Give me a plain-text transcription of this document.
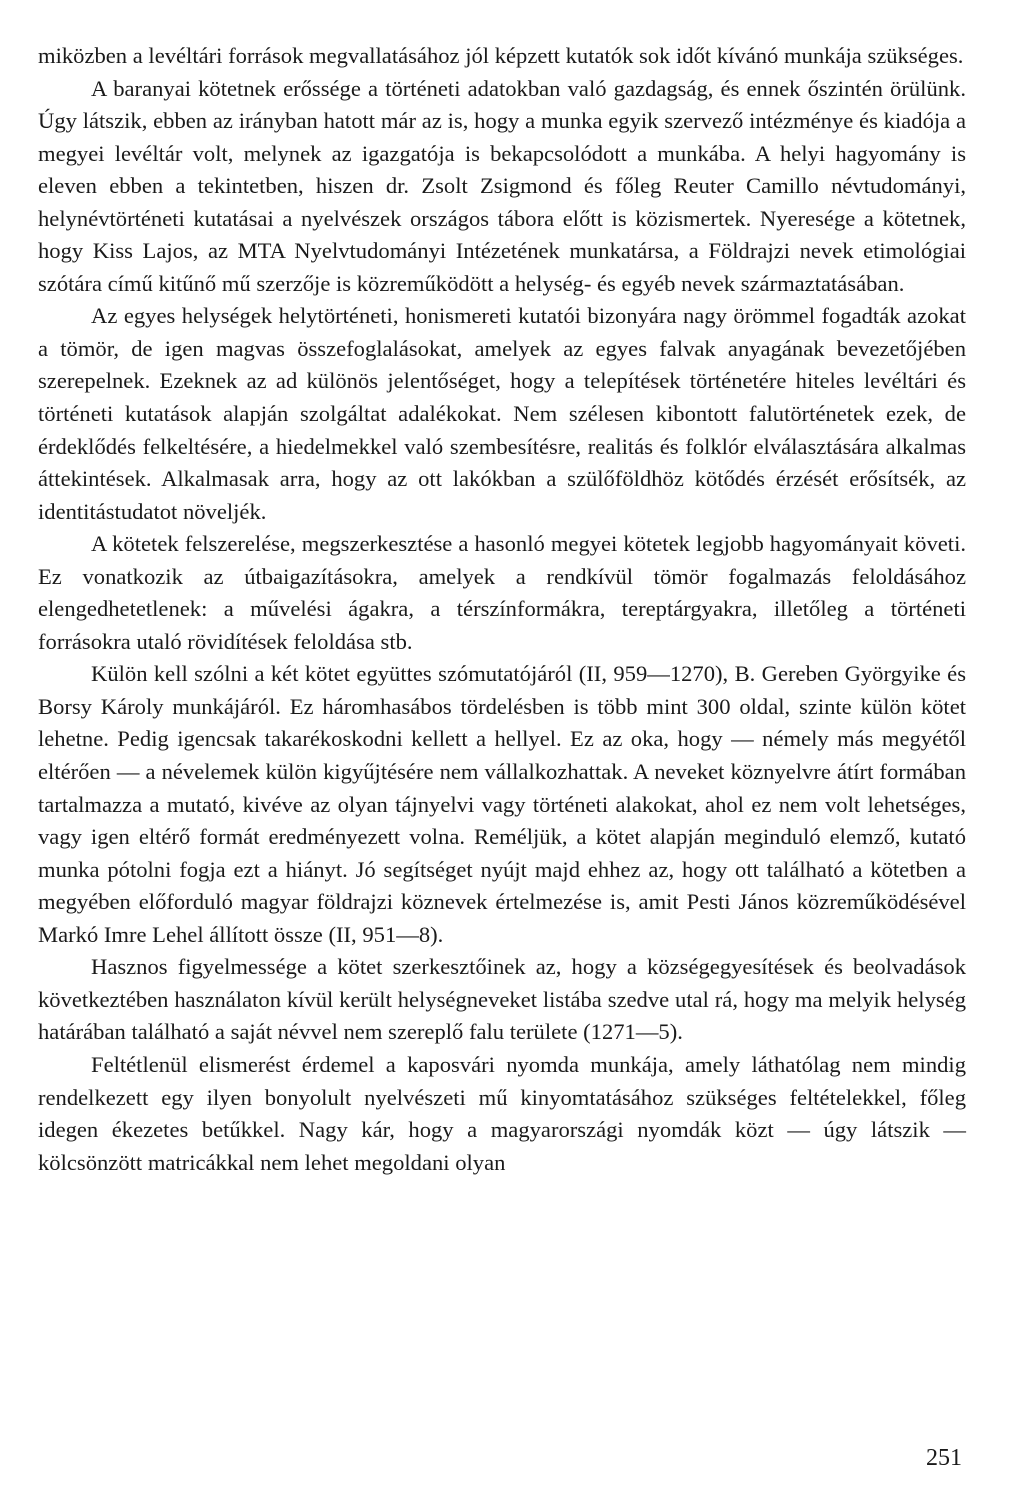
miközben a levéltári források megvallatásához jól képzett kutatók sok időt kívánó munkája szükséges.

A baranyai kötetnek erőssége a történeti adatokban való gazdagság, és ennek őszintén örülünk. Úgy látszik, ebben az irányban hatott már az is, hogy a munka egyik szervező intézménye és kiadója a megyei levéltár volt, melynek az igazgatója is bekapcsolódott a munkába. A helyi hagyomány is eleven ebben a tekintetben, hiszen dr. Zsolt Zsigmond és főleg Reuter Camillo névtudományi, helynévtörténeti kutatásai a nyelvészek országos tábora előtt is közismertek. Nyeresége a kötetnek, hogy Kiss Lajos, az MTA Nyelvtudományi Intézetének munkatársa, a Földrajzi nevek etimológiai szótára című kitűnő mű szerzője is közreműködött a helység- és egyéb nevek származtatásában.

Az egyes helységek helytörténeti, honismereti kutatói bizonyára nagy örömmel fogadták azokat a tömör, de igen magvas összefoglalásokat, amelyek az egyes falvak anyagának bevezetőjében szerepelnek. Ezeknek az ad különös jelentőséget, hogy a telepítések történetére hiteles levéltári és történeti kutatások alapján szolgáltat adalékokat. Nem szélesen kibontott falutörténetek ezek, de érdeklődés felkeltésére, a hiedelmekkel való szembesítésre, realitás és folklór elválasztására alkalmas áttekintések. Alkalmasak arra, hogy az ott lakókban a szülőföldhöz kötődés érzését erősítsék, az identitástudatot növeljék.

A kötetek felszerelése, megszerkesztése a hasonló megyei kötetek legjobb hagyományait követi. Ez vonatkozik az útbaigazításokra, amelyek a rendkívül tömör fogalmazás feloldásához elengedhetetlenek: a művelési ágakra, a térszínformákra, tereptárgyakra, illetőleg a történeti forrásokra utaló rövidítések feloldása stb.

Külön kell szólni a két kötet együttes szómutatójáról (II, 959—1270), B. Gereben Györgyike és Borsy Károly munkájáról. Ez háromhasábos tördelésben is több mint 300 oldal, szinte külön kötet lehetne. Pedig igencsak takarékoskodni kellett a hellyel. Ez az oka, hogy — némely más megyétől eltérően — a névelemek külön kigyűjtésére nem vállalkozhattak. A neveket köznyelvre átírt formában tartalmazza a mutató, kivéve az olyan tájnyelvi vagy történeti alakokat, ahol ez nem volt lehetséges, vagy igen eltérő formát eredményezett volna. Reméljük, a kötet alapján meginduló elemző, kutató munka pótolni fogja ezt a hiányt. Jó segítséget nyújt majd ehhez az, hogy ott található a kötetben a megyében előforduló magyar földrajzi köznevek értelmezése is, amit Pesti János közreműködésével Markó Imre Lehel állított össze (II, 951—8).

Hasznos figyelmessége a kötet szerkesztőinek az, hogy a községegyesítések és beolvadások következtében használaton kívül került helységneveket listába szedve utal rá, hogy ma melyik helység határában található a saját névvel nem szereplő falu területe (1271—5).

Feltétlenül elismerést érdemel a kaposvári nyomda munkája, amely láthatólag nem mindig rendelkezett egy ilyen bonyolult nyelvészeti mű kinyomtatásához szükséges feltételekkel, főleg idegen ékezetes betűkkel. Nagy kár, hogy a magyarországi nyomdák közt — úgy látszik — kölcsönzött matricákkal nem lehet megoldani olyan

251
